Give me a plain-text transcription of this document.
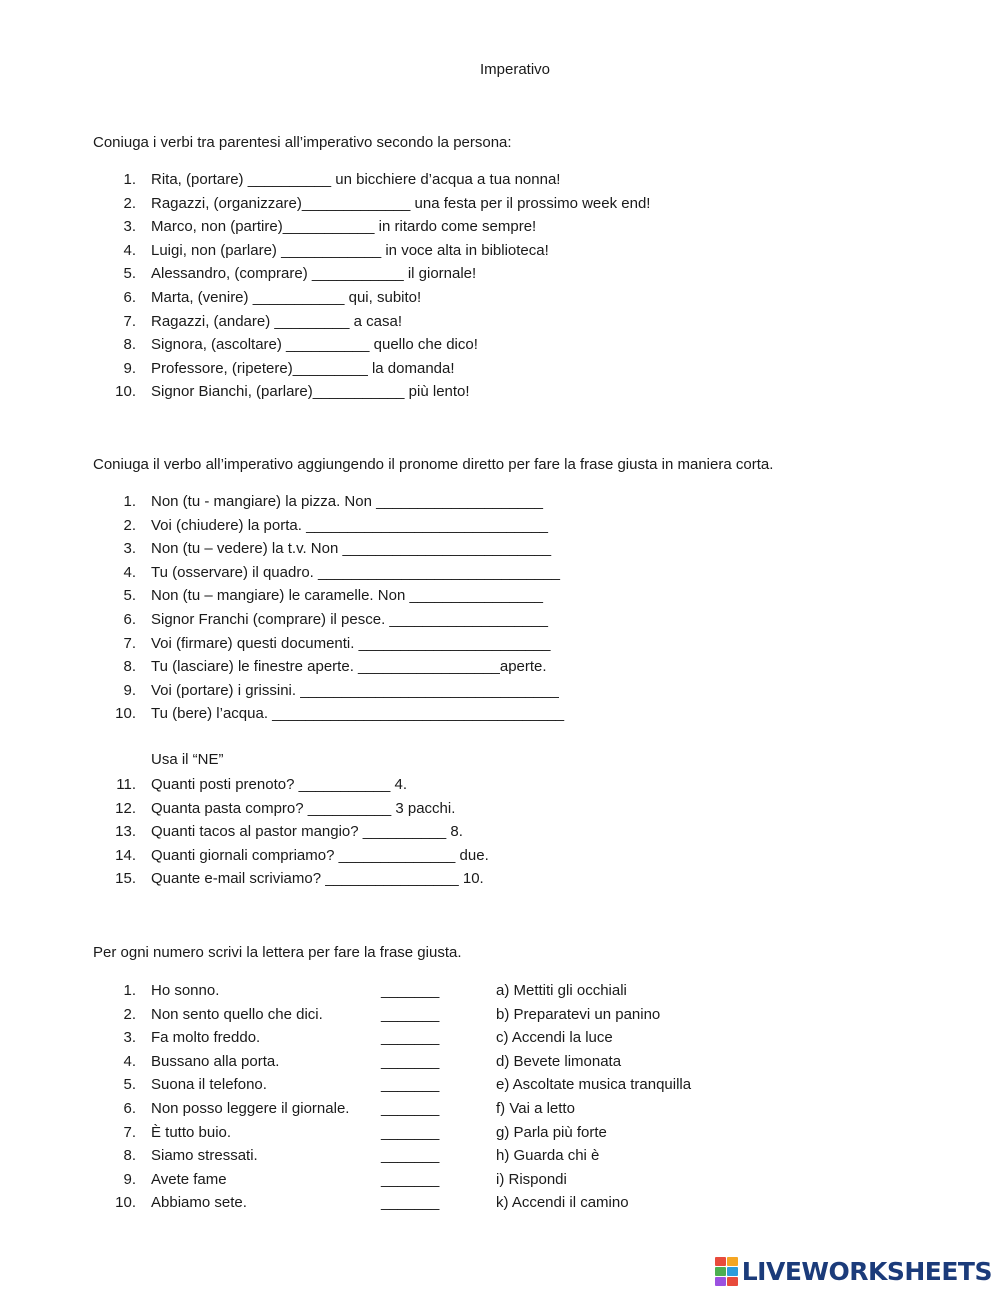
Imperativo
Coniuga i verbi tra parentesi all’imperativo secondo la persona:
1. Rita, (portare) __________ un bicchiere d’acqua a tua nonna!
2. Ragazzi, (organizzare)_____________ una festa per il prossimo week end!
3. Marco, non (partire)___________ in ritardo come sempre!
4. Luigi, non (parlare) ____________ in voce alta in biblioteca!
5. Alessandro, (comprare) ___________ il giornale!
6. Marta, (venire) ___________ qui, subito!
7. Ragazzi, (andare) _________ a casa!
8. Signora, (ascoltare) __________ quello che dico!
9. Professore, (ripetere)_________ la domanda!
10. Signor Bianchi, (parlare)___________ più lento!
Coniuga il verbo all’imperativo aggiungendo il pronome diretto per fare la frase giusta in maniera corta.
1. Non (tu - mangiare) la pizza. Non ____________________
2. Voi (chiudere) la porta. _____________________________
3. Non (tu – vedere) la t.v. Non _________________________
4. Tu (osservare) il quadro. _____________________________
5. Non (tu – mangiare) le caramelle. Non ________________
6. Signor Franchi (comprare) il pesce. ___________________
7. Voi (firmare) questi documenti. _______________________
8. Tu (lasciare) le finestre aperte. _________________aperte.
9. Voi (portare) i grissini. _______________________________
10. Tu (bere) l’acqua. ___________________________________
Usa il “NE”
11. Quanti posti prenoto? ___________ 4.
12. Quanta pasta compro? __________ 3 pacchi.
13. Quanti tacos al pastor mangio? __________ 8.
14. Quanti giornali compriamo? ______________ due.
15. Quante e-mail scriviamo? ________________ 10.
Per ogni numero scrivi la lettera per fare la frase giusta.
1. Ho sonno.	_______	a) Mettiti gli occhiali
2. Non sento quello che dici.	_______	b) Preparatevi un panino
3. Fa molto freddo.	_______	c) Accendi la luce
4. Bussano alla porta.	_______	d) Bevete limonata
5. Suona il telefono.	_______	e) Ascoltate musica tranquilla
6. Non posso leggere il giornale. _______	f) Vai a letto
7. È tutto buio.	_______	g) Parla più forte
8. Siamo stressati.	_______	h) Guarda chi è
9. Avete fame	_______	i) Rispondi
10. Abbiamo sete.	_______	k) Accendi il camino
LIVEWORKSHEETS
